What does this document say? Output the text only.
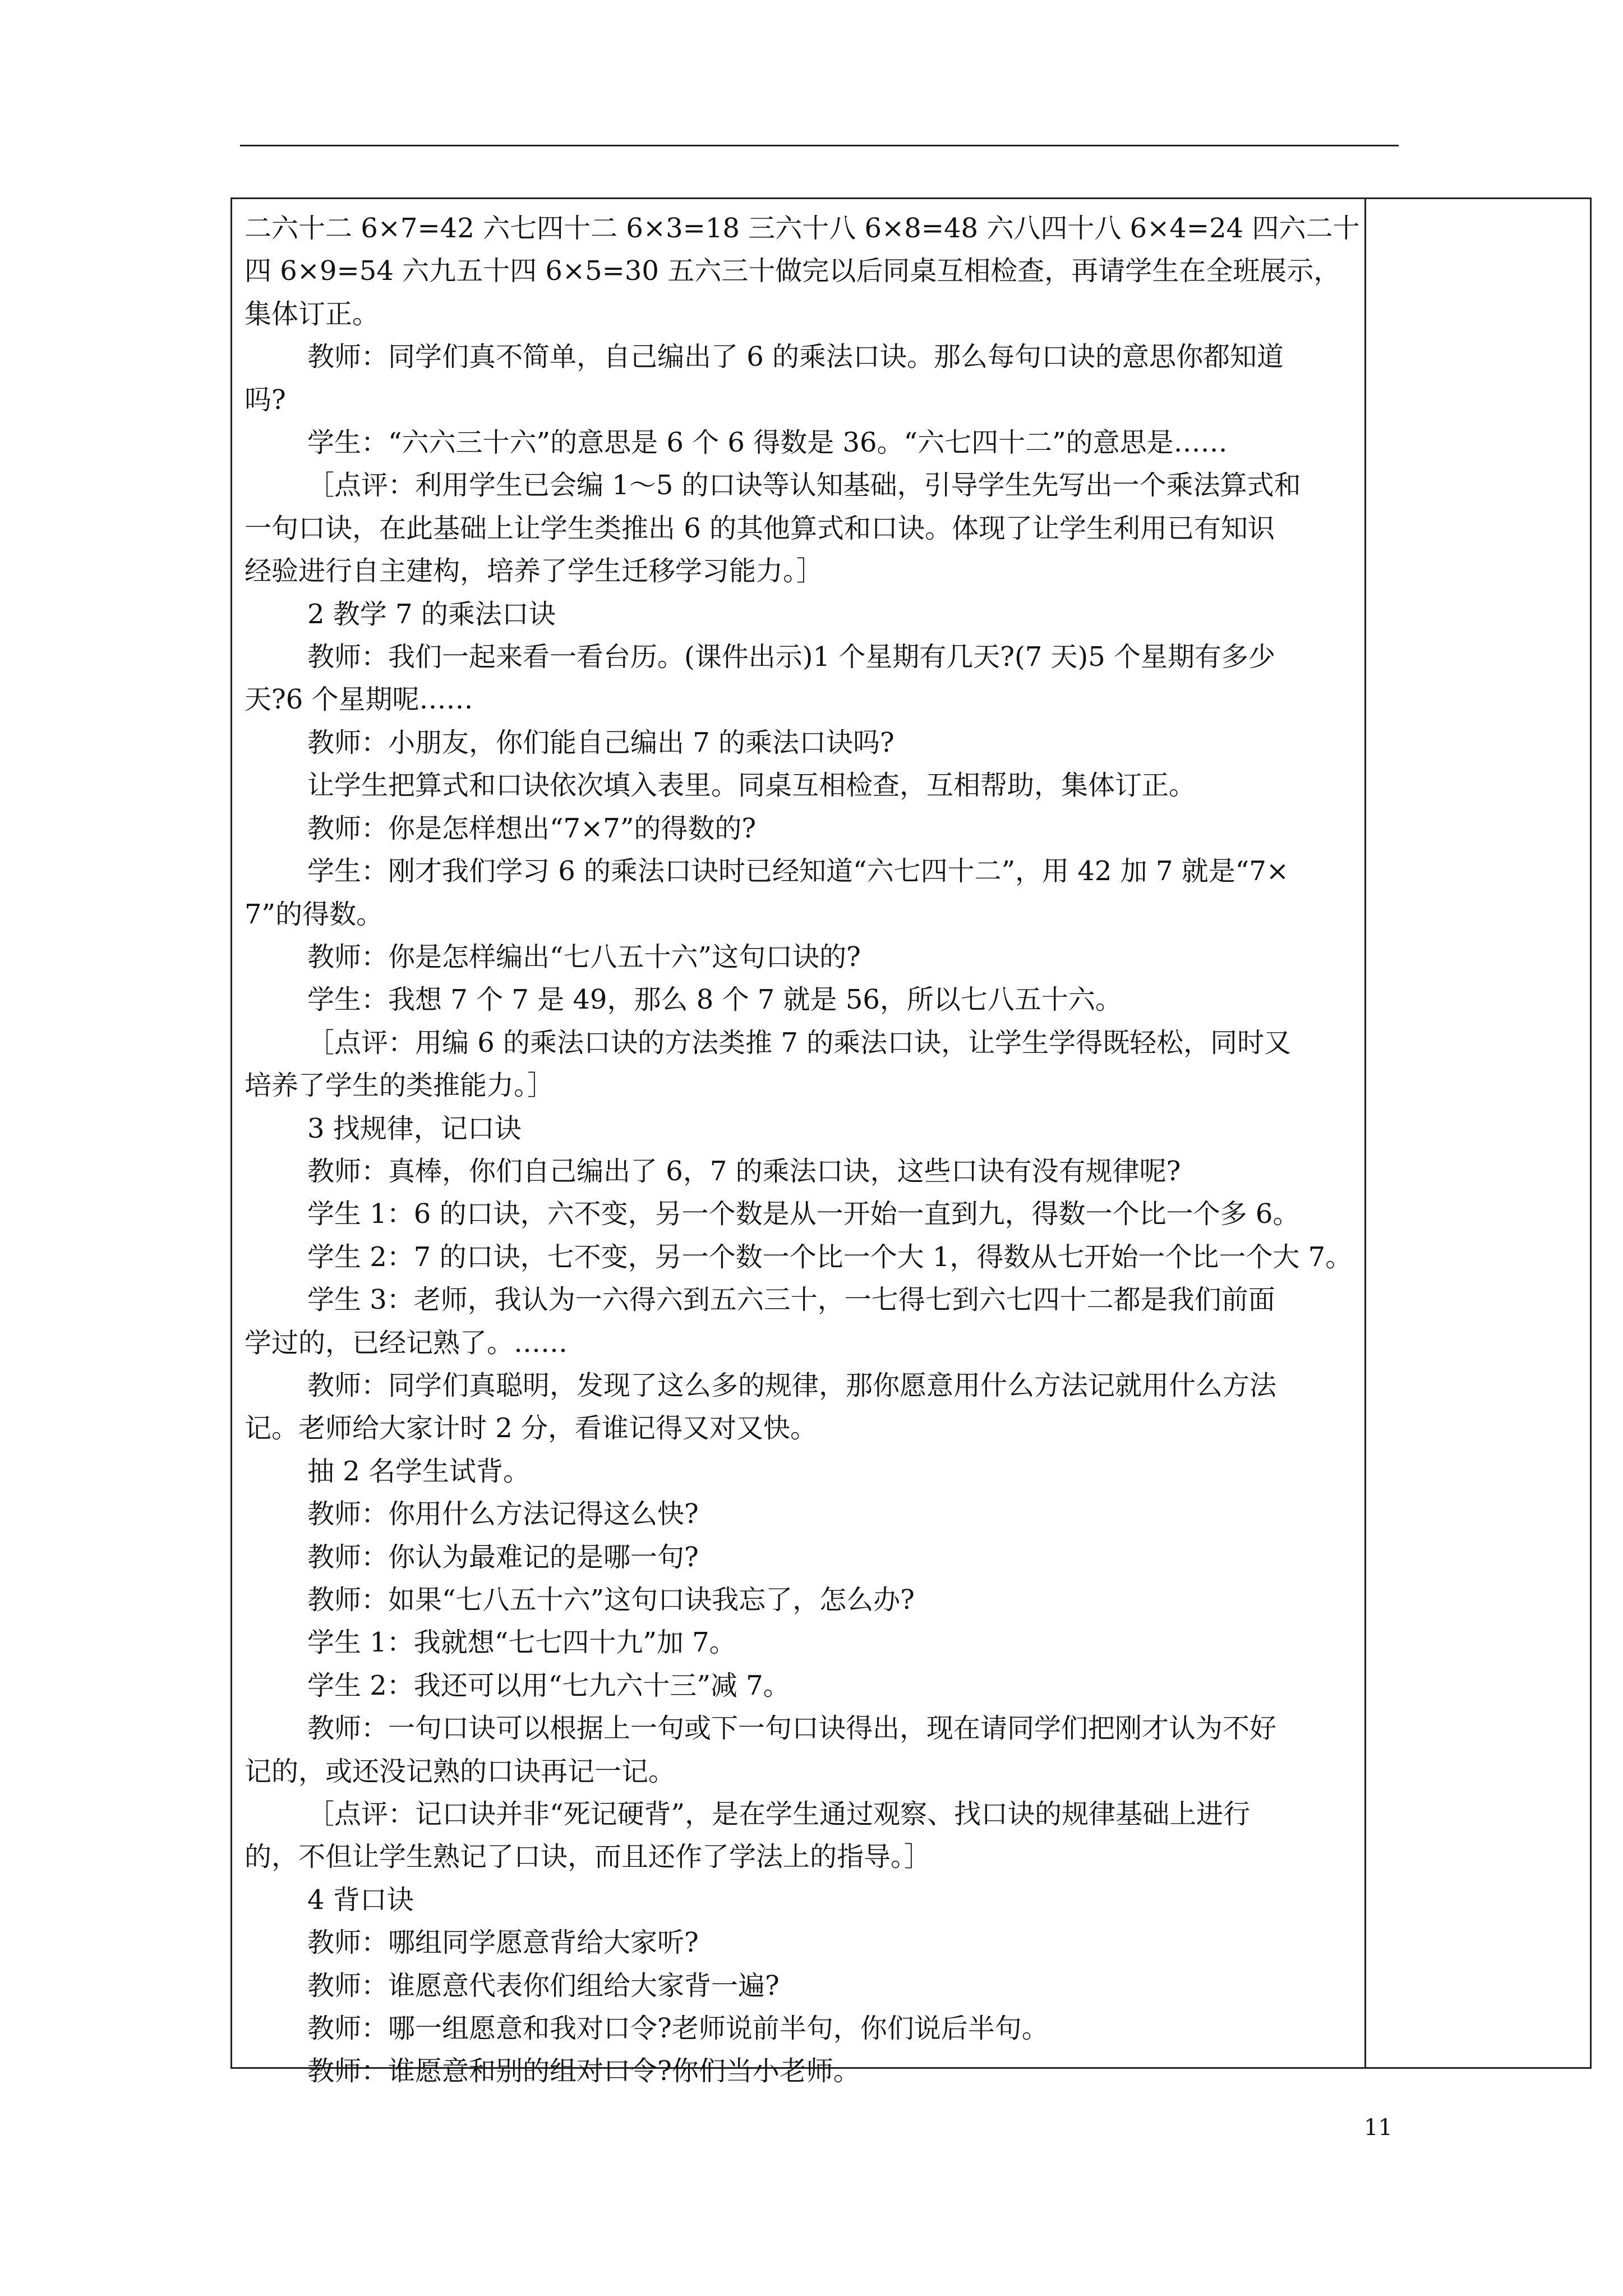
二六十二 6×7=42 六七四十二 6×3=18 三六十八 6×8=48 六八四十八 6×4=24 四六二十

四 6×9=54 六九五十四 6×5=30 五六三十做完以后同桌互相检查，再请学生在全班展示，

集体订正。

教师：同学们真不简单，自己编出了 6 的乘法口诀。那么每句口诀的意思你都知道

吗?

学生：“六六三十六”的意思是 6 个 6 得数是 36。“六七四十二”的意思是……

［点评：利用学生已会编 1～5 的口诀等认知基础，引导学生先写出一个乘法算式和

一句口诀，在此基础上让学生类推出 6 的其他算式和口诀。体现了让学生利用已有知识

经验进行自主建构，培养了学生迁移学习能力。］

2 教学 7 的乘法口诀

教师：我们一起来看一看台历。(课件出示)1 个星期有几天?(7 天)5 个星期有多少

天?6 个星期呢……

教师：小朋友，你们能自己编出 7 的乘法口诀吗?

让学生把算式和口诀依次填入表里。同桌互相检查，互相帮助，集体订正。

教师：你是怎样想出“7×7”的得数的?

学生：刚才我们学习 6 的乘法口诀时已经知道“六七四十二”，用 42 加 7 就是“7×

7”的得数。

教师：你是怎样编出“七八五十六”这句口诀的?

学生：我想 7 个 7 是 49，那么 8 个 7 就是 56，所以七八五十六。

［点评：用编 6 的乘法口诀的方法类推 7 的乘法口诀，让学生学得既轻松，同时又

培养了学生的类推能力。］

3 找规律，记口诀

教师：真棒，你们自己编出了 6，7 的乘法口诀，这些口诀有没有规律呢?

学生 1：6 的口诀，六不变，另一个数是从一开始一直到九，得数一个比一个多 6。

学生 2：7 的口诀，七不变，另一个数一个比一个大 1，得数从七开始一个比一个大 7。

学生 3：老师，我认为一六得六到五六三十，一七得七到六七四十二都是我们前面

学过的，已经记熟了。……

教师：同学们真聪明，发现了这么多的规律，那你愿意用什么方法记就用什么方法

记。老师给大家计时 2 分，看谁记得又对又快。

抽 2 名学生试背。

教师：你用什么方法记得这么快?

教师：你认为最难记的是哪一句?

教师：如果“七八五十六”这句口诀我忘了，怎么办?

学生 1：我就想“七七四十九”加 7。

学生 2：我还可以用“七九六十三”减 7。

教师：一句口诀可以根据上一句或下一句口诀得出，现在请同学们把刚才认为不好

记的，或还没记熟的口诀再记一记。

［点评：记口诀并非“死记硬背”，是在学生通过观察、找口诀的规律基础上进行

的，不但让学生熟记了口诀，而且还作了学法上的指导。］

4 背口诀

教师：哪组同学愿意背给大家听?

教师：谁愿意代表你们组给大家背一遍?

教师：哪一组愿意和我对口令?老师说前半句，你们说后半句。

教师：谁愿意和别的组对口令?你们当小老师。

11
